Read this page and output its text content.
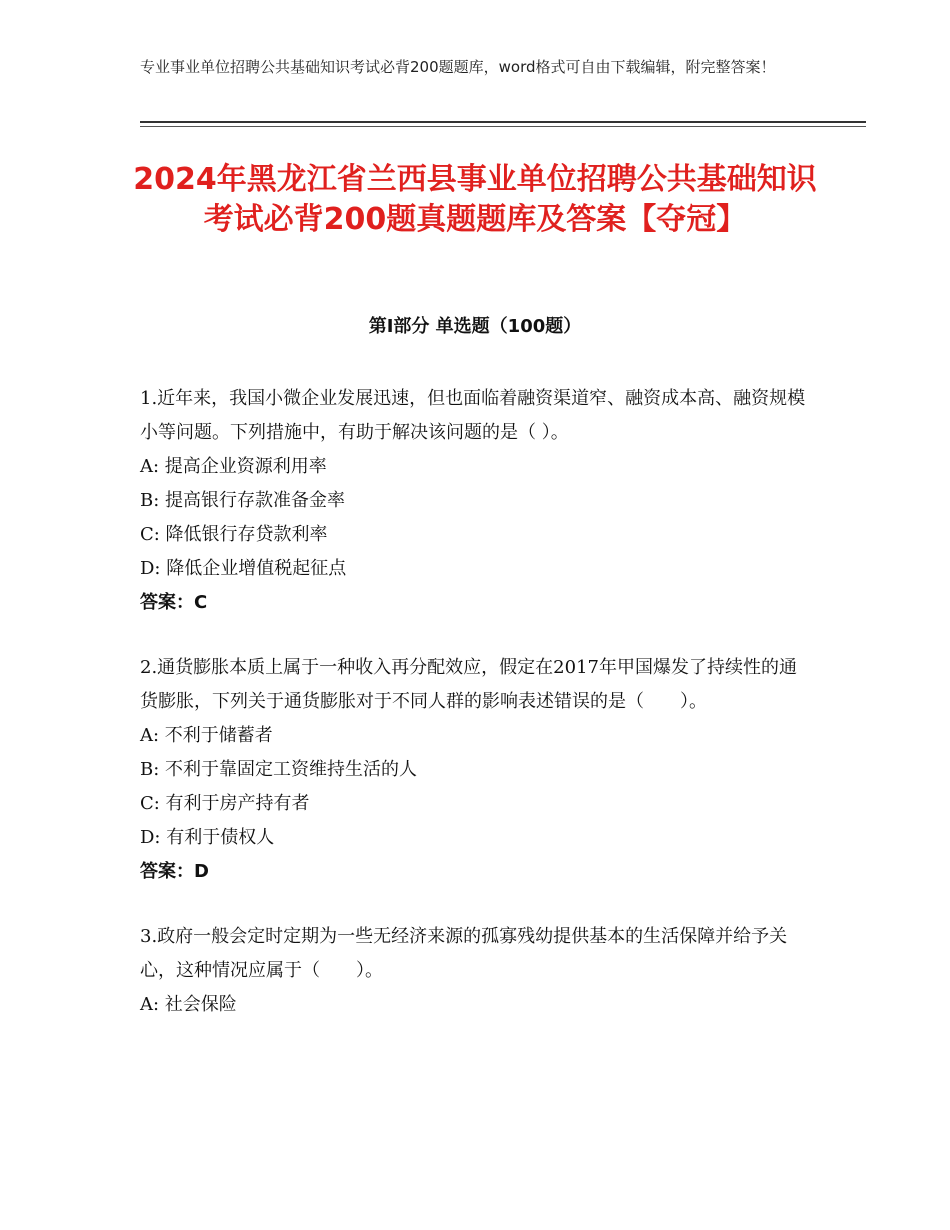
专业事业单位招聘公共基础知识考试必背200题题库，word格式可自由下载编辑，附完整答案！
2024年黑龙江省兰西县事业单位招聘公共基础知识考试必背200题真题题库及答案【夺冠】
第Ⅰ部分 单选题（100题）
1.近年来，我国小微企业发展迅速，但也面临着融资渠道窄、融资成本高、融资规模小等问题。下列措施中，有助于解决该问题的是（ ）。
A: 提高企业资源利用率
B: 提高银行存款准备金率
C: 降低银行存贷款利率
D: 降低企业增值税起征点
答案：C
2.通货膨胀本质上属于一种收入再分配效应，假定在2017年甲国爆发了持续性的通货膨胀，下列关于通货膨胀对于不同人群的影响表述错误的是（　　）。
A: 不利于储蓄者
B: 不利于靠固定工资维持生活的人
C: 有利于房产持有者
D: 有利于债权人
答案：D
3.政府一般会定时定期为一些无经济来源的孤寡残幼提供基本的生活保障并给予关心，这种情况应属于（　　）。
A: 社会保险
